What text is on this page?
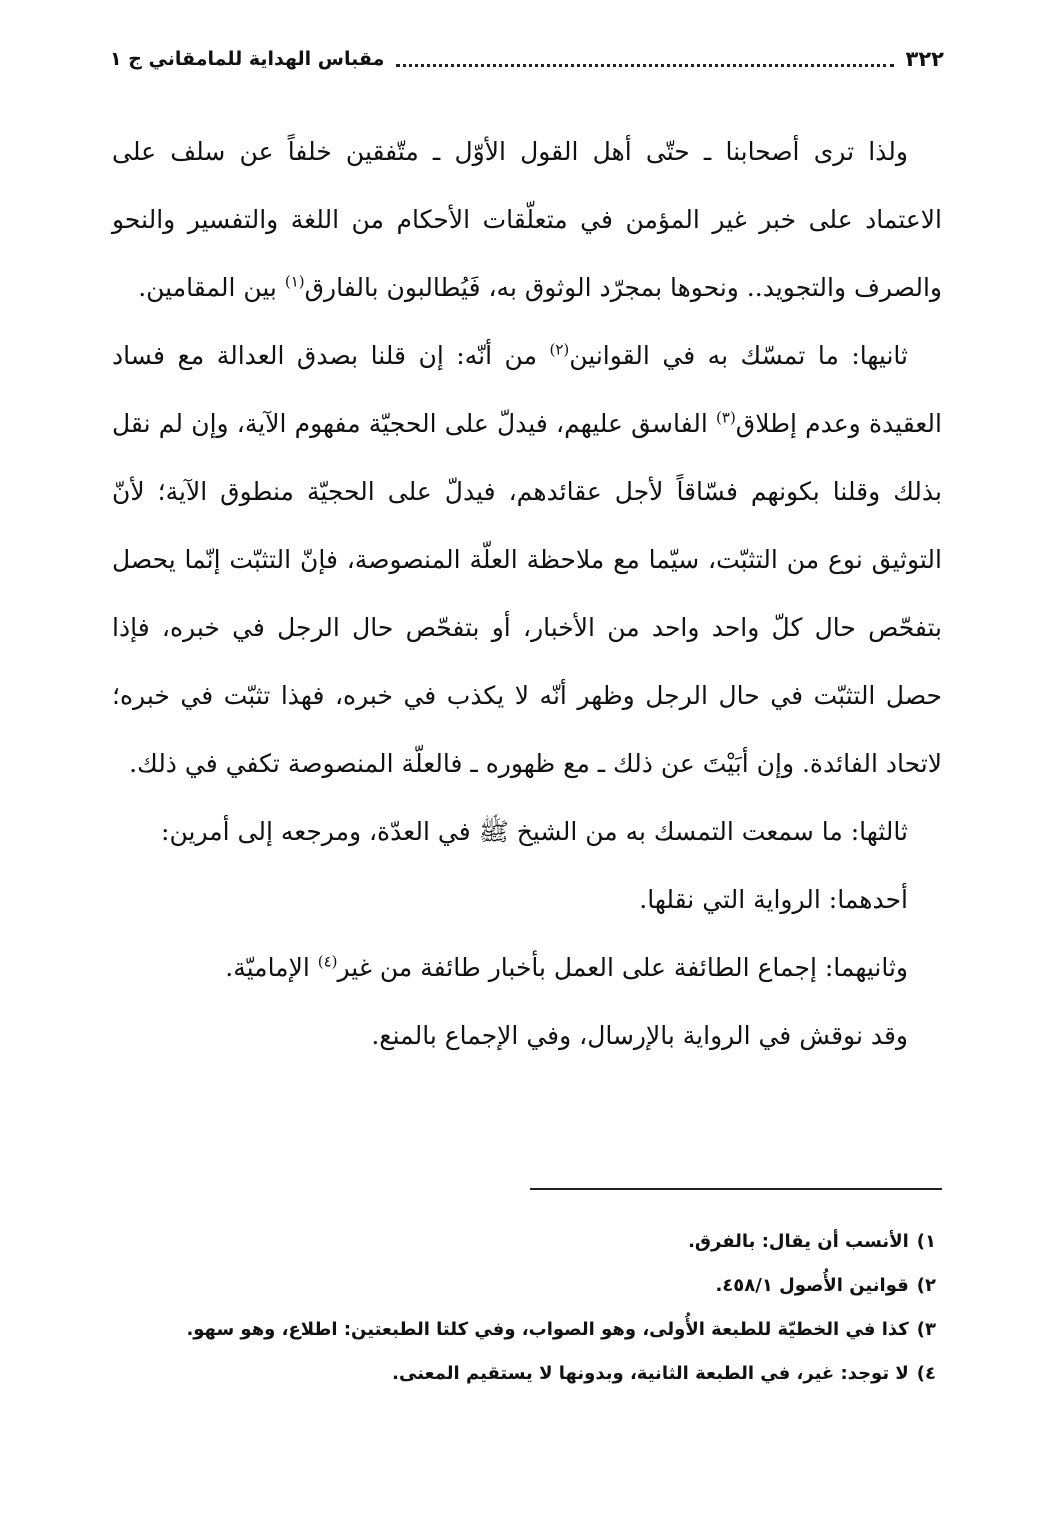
٣٢٢
مقباس الهداية للمامقاني ج ١

ولذا ترى أصحابنا ـ حتّى أهل القول الأوّل ـ متّفقين خلفاً عن سلف على الاعتماد على خبر غير المؤمن في متعلّقات الأحكام من اللغة والتفسير والنحو والصرف والتجويد.. ونحوها بمجرّد الوثوق به، فَيُطالبون بالفارق$^{(١)}$ بين المقامين.

ثانيها: ما تمسّك به في القوانين$^{(٢)}$ من أنّه: إن قلنا بصدق العدالة مع فساد العقيدة وعدم إطلاق$^{(٣)}$ الفاسق عليهم، فيدلّ على الحجيّة مفهوم الآية، وإن لم نقل بذلك وقلنا بكونهم فسّاقاً لأجل عقائدهم، فيدلّ على الحجيّة منطوق الآية؛ لأنّ التوثيق نوع من التثبّت، سيّما مع ملاحظة العلّة المنصوصة، فإنّ التثبّت إنّما يحصل بتفحّص حال كلّ واحد واحد من الأخبار، أو بتفحّص حال الرجل في خبره، فإذا حصل التثبّت في حال الرجل وظهر أنّه لا يكذب في خبره، فهذا تثبّت في خبره؛ لاتحاد الفائدة. وإن أبَيْتَ عن ذلك ـ مع ظهوره ـ فالعلّة المنصوصة تكفي في ذلك.

ثالثها: ما سمعت التمسك به من الشيخ ﷺ في العدّة، ومرجعه إلى أمرين:

أحدهما: الرواية التي نقلها.

وثانيهما: إجماع الطائفة على العمل بأخبار طائفة من غير$^{(٤)}$ الإماميّة.

وقد نوقش في الرواية بالإرسال، وفي الإجماع بالمنع.

١)الأنسب أن يقال: بالفرق.

٢)قوانين الأُصول ٤٥٨/١.

٣)كذا في الخطيّة للطبعة الأُولى، وهو الصواب، وفي كلتا الطبعتين: اطلاع، وهو سهو.

٤)لا توجد: غير، في الطبعة الثانية، وبدونها لا يستقيم المعنى.
